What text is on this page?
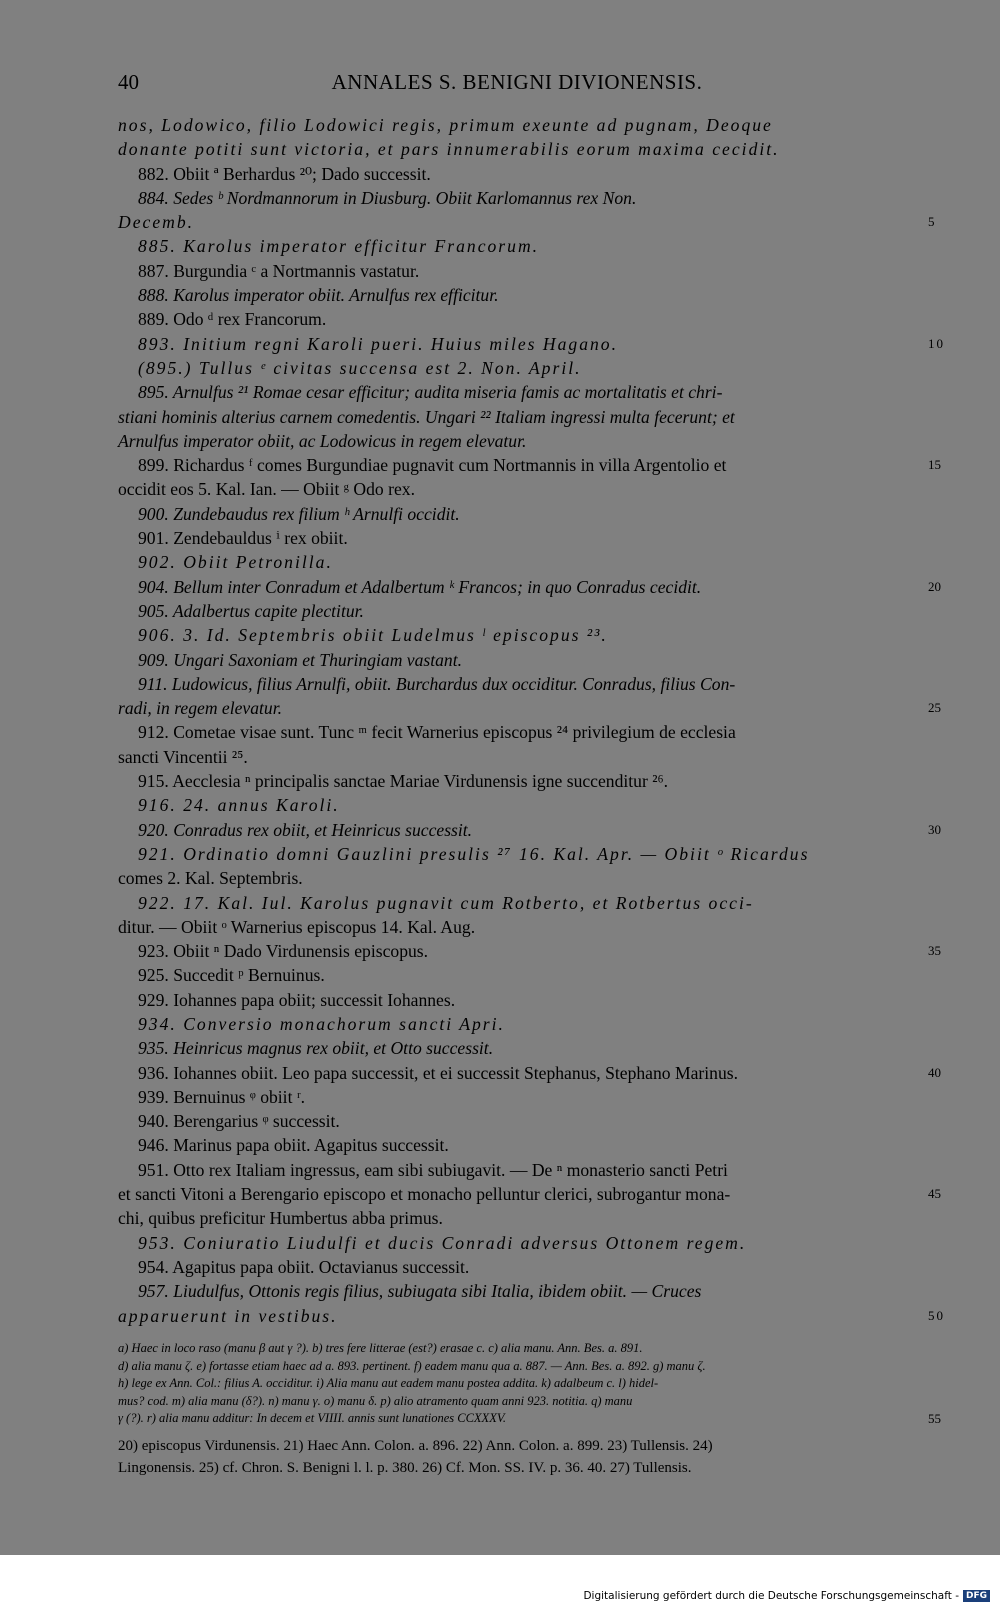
40	ANNALES S. BENIGNI DIVIONENSIS.
nos, Lodowico, filio Lodowici regis, primum exeunte ad pugnam, Deoque
donante potiti sunt victoria, et pars innumerabilis eorum maxima cecidit.
882. Obiit ª Berhardus ²⁰; Dado successit.
884. Sedes ᵇ Nordmannorum in Diusburg. Obiit Karlomannus rex Non.
Decemb.	5
885. Karolus imperator efficitur Francorum.
887. Burgundia ᶜ a Nortmannis vastatur.
888. Karolus imperator obiit. Arnulfus rex efficitur.
889. Odo ᵈ rex Francorum.
893. Initium regni Karoli pueri. Huius miles Hagano.	10
(895.) Tullus ᵉ civitas succensa est 2. Non. April.
895. Arnulfus ²¹ Romae cesar efficitur; audita miseria famis ac mortalitatis et chri-
stiani hominis alterius carnem comedentis. Ungari ²² Italiam ingressi multa fecerunt; et
Arnulfus imperator obiit, ac Lodowicus in regem elevatur.
899. Richardus ᶠ comes Burgundiae pugnavit cum Nortmannis in villa Argentolio et	15
occidit eos 5. Kal. Ian. — Obiit ᵍ Odo rex.
900. Zundebaudus rex filium ʰ Arnulfi occidit.
901. Zendebauldus ⁱ rex obiit.
902. Obiit Petronilla.
904. Bellum inter Conradum et Adalbertum ᵏ Francos; in quo Conradus cecidit.	20
905. Adalbertus capite plectitur.
906. 3. Id. Septembris obiit Ludelmus ˡ episcopus ²³.
909. Ungari Saxoniam et Thuringiam vastant.
911. Ludowicus, filius Arnulfi, obiit. Burchardus dux occiditur. Conradus, filius Con-
radi, in regem elevatur.	25
912. Cometae visae sunt. Tunc ᵐ fecit Warnerius episcopus ²⁴ privilegium de ecclesia
sancti Vincentii ²⁵.
915. Aecclesia ⁿ principalis sanctae Mariae Virdunensis igne succenditur ²⁶.
916. 24. annus Karoli.
920. Conradus rex obiit, et Heinricus successit.	30
921. Ordinatio domni Gauzlini presulis ²⁷ 16. Kal. Apr. — Obiit ᵒ Ricardus
comes 2. Kal. Septembris.
922. 17. Kal. Iul. Karolus pugnavit cum Rotberto, et Rotbertus occi-
ditur. — Obiit ᵒ Warnerius episcopus 14. Kal. Aug.
923. Obiit ⁿ Dado Virdunensis episcopus.	35
925. Succedit ᵖ Bernuinus.
929. Iohannes papa obiit; successit Iohannes.
934. Conversio monachorum sancti Apri.
935. Heinricus magnus rex obiit, et Otto successit.
936. Iohannes obiit. Leo papa successit, et ei successit Stephanus, Stephano Marinus.	40
939. Bernuinus ᵠ obiit ʳ.
940. Berengarius ᵠ successit.
946. Marinus papa obiit. Agapitus successit.
951. Otto rex Italiam ingressus, eam sibi subiugavit. — De ⁿ monasterio sancti Petri
et sancti Vitoni a Berengario episcopo et monacho pelluntur clerici, subrogantur mona-	45
chi, quibus preficitur Humbertus abba primus.
953. Coniuratio Liudulfi et ducis Conradi adversus Ottonem regem.
954. Agapitus papa obiit. Octavianus successit.
957. Liudulfus, Ottonis regis filius, subiugata sibi Italia, ibidem obiit. — Cruces
apparuerunt in vestibus.	50
a) Haec in loco raso (manu β aut γ ?). b) tres fere litterae (est?) erasae c. c) alia manu. Ann. Bes. a. 891.
d) alia manu ζ. e) fortasse etiam haec ad a. 893. pertinent. f) eadem manu qua a. 887. — Ann. Bes. a. 892. g) manu ζ.
h) lege ex Ann. Col.: filius A. occiditur. i) Alia manu aut eadem manu postea addita. k) adalbeum c. l) hidel-
mus? cod. m) alia manu (δ?). n) manu γ. o) manu δ. p) alio atramento quam anni 923. notitia. q) manu
γ (?). r) alia manu additur: In decem et VIIII. annis sunt lunationes CCXXXV.	55
20) episcopus Virdunensis. 21) Haec Ann. Colon. a. 896. 22) Ann. Colon. a. 899. 23) Tullensis. 24)
Lingonensis. 25) cf. Chron. S. Benigni l. l. p. 380. 26) Cf. Mon. SS. IV. p. 36. 40. 27) Tullensis.
Digitalisierung gefördert durch die Deutsche Forschungsgemeinschaft - DFG
